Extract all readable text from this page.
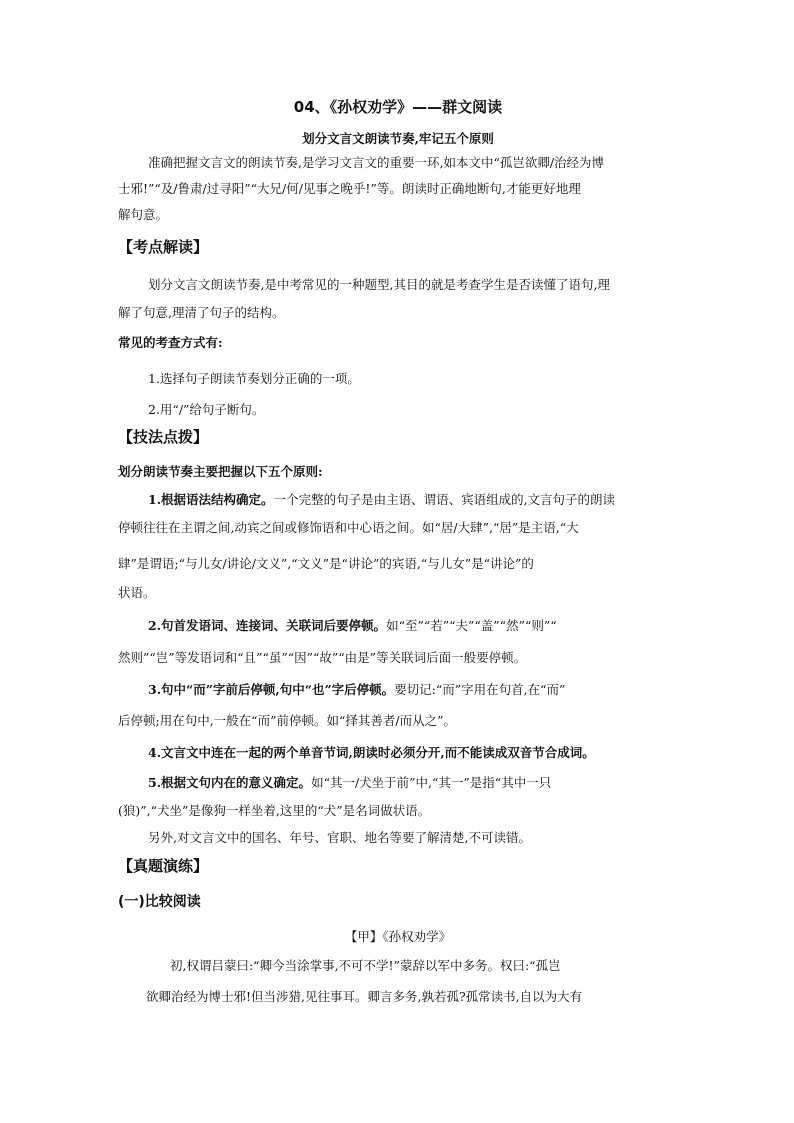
04、《孙权劝学》——群文阅读
划分文言文朗读节奏,牢记五个原则
准确把握文言文的朗读节奏,是学习文言文的重要一环,如本文中“孤岂欲卿/治经为博
士邪!”“及/鲁肃/过寻阳”“大兄/何/见事之晚乎!”等。朗读时正确地断句,才能更好地理
解句意。
【考点解读】
划分文言文朗读节奏,是中考常见的一种题型,其目的就是考查学生是否读懂了语句,理
解了句意,理清了句子的结构。
常见的考查方式有:
1.选择句子朗读节奏划分正确的一项。
2.用“/”给句子断句。
【技法点拨】
划分朗读节奏主要把握以下五个原则:
1.根据语法结构确定。一个完整的句子是由主语、谓语、宾语组成的,文言句子的朗读
停顿往往在主谓之间,动宾之间或修饰语和中心语之间。如“居/大肆”,“居”是主语,“大
肆”是谓语;“与儿女/讲论/文义”,“文义”是“讲论”的宾语,“与儿女”是“讲论”的
状语。
2.句首发语词、连接词、关联词后要停顿。如“至”“若”“夫”“盖”“然”“则”“
然则”“岂”等发语词和“且”“虽”“因”“故”“由是”等关联词后面一般要停顿。
3.句中“而”字前后停顿,句中“也”字后停顿。要切记:“而”字用在句首,在“而”
后停顿;用在句中,一般在“而”前停顿。如“择其善者/而从之”。
4.文言文中连在一起的两个单音节词,朗读时必须分开,而不能读成双音节合成词。
5.根据文句内在的意义确定。如“其一/犬坐于前”中,“其一”是指“其中一只
(狼)”,“犬坐”是像狗一样坐着,这里的“犬”是名词做状语。
另外,对文言文中的国名、年号、官职、地名等要了解清楚,不可读错。
【真题演练】
(一)比较阅读
【甲】《孙权劝学》
初,权谓吕蒙曰:“卿今当涂掌事,不可不学!”蒙辞以军中多务。权曰:“孤岂
欲卿治经为博士邪!但当涉猎,见往事耳。卿言多务,孰若孤?孤常读书,自以为大有
